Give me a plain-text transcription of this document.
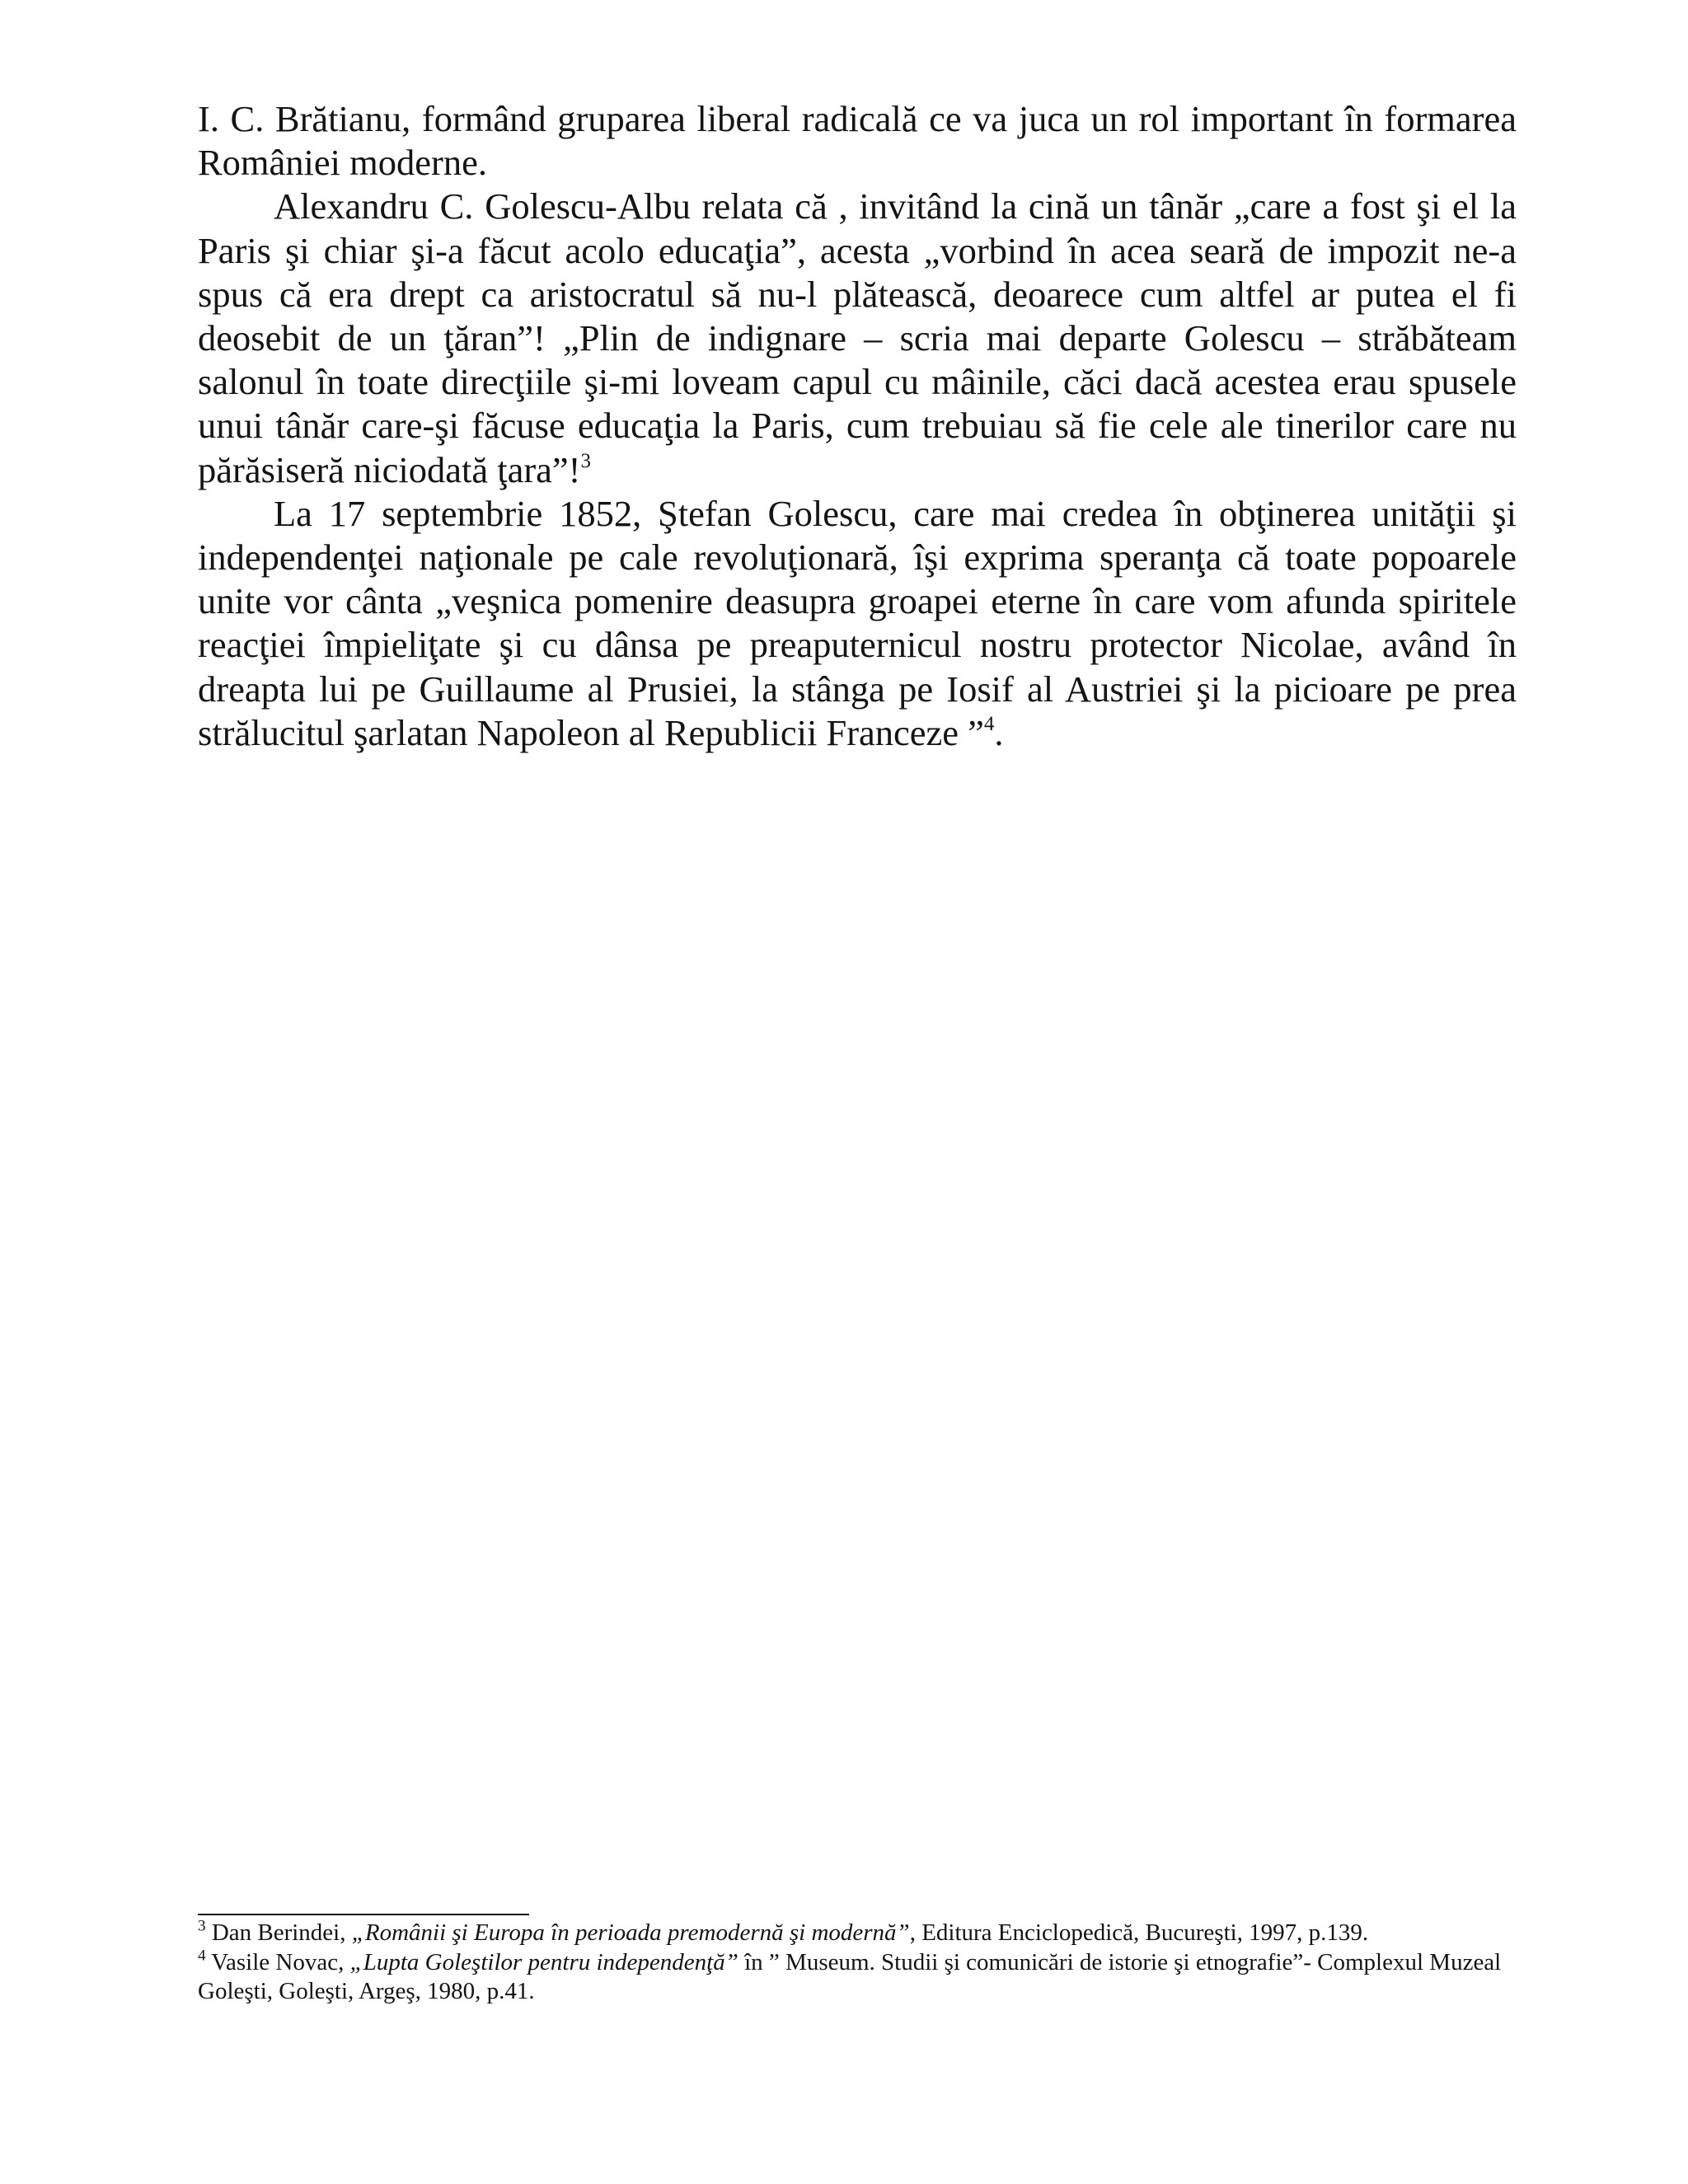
I. C. Brătianu, formând gruparea liberal radicală ce va juca un rol important în formarea României moderne.

Alexandru C. Golescu-Albu relata că , invitând la cină un tânăr „care a fost şi el la Paris şi chiar şi-a făcut acolo educaţia”, acesta „vorbind în acea seară de impozit ne-a spus că era drept ca aristocratul să nu-l plătească, deoarece cum altfel ar putea el fi deosebit de un ţăran”! „Plin de indignare – scria mai departe Golescu – străbăteam salonul în toate direcţiile şi-mi loveam capul cu mâinile, căci dacă acestea erau spusele unui tânăr care-şi făcuse educaţia la Paris, cum trebuiau să fie cele ale tinerilor care nu părăsiseră niciodată ţara”!$^3$

La 17 septembrie 1852, Ştefan Golescu, care mai credea în obţinerea unităţii şi independenţei naţionale pe cale revoluţionară, îşi exprima speranţa că toate popoarele unite vor cânta „veşnica pomenire deasupra groapei eterne în care vom afunda spiritele reacţiei împieliţate şi cu dânsa pe preaputernicul nostru protector Nicolae, având în dreapta lui pe Guillaume al Prusiei, la stânga pe Iosif al Austriei şi la picioare pe prea strălucitul şarlatan Napoleon al Republicii Franceze ”$^4$.

$^3$ Dan Berindei, „Românii şi Europa în perioada premodernă şi modernă”, Editura Enciclopedică, Bucureşti, 1997, p.139.

$^4$ Vasile Novac, „Lupta Goleştilor pentru independenţă” în ” Museum. Studii şi comunicări de istorie şi etnografie”- Complexul Muzeal Goleşti, Goleşti, Argeş, 1980, p.41.
